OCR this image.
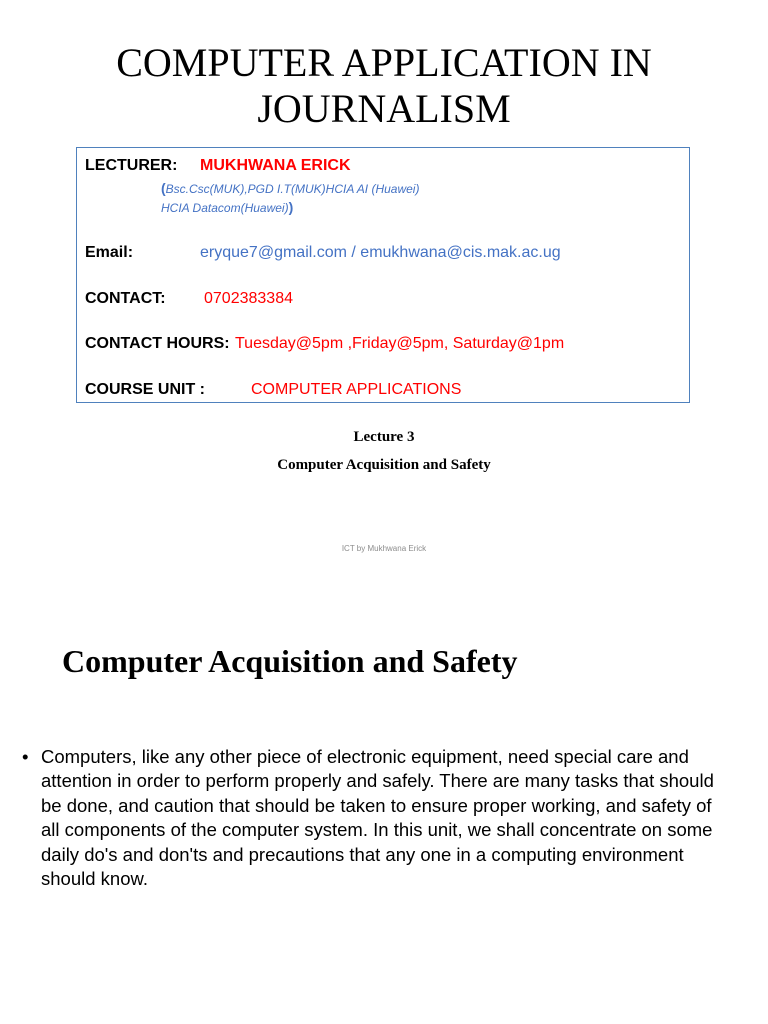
COMPUTER APPLICATION IN
JOURNALISM
LECTURER: MUKHWANA ERICK
(Bsc.Csc(MUK),PGD I.T(MUK)HCIA AI (Huawei)
HCIA Datacom(Huawei))
Email:	eryque7@gmail.com / emukhwana@cis.mak.ac.ug
CONTACT: 0702383384
CONTACT HOURS: Tuesday@5pm ,Friday@5pm, Saturday@1pm
COURSE UNIT :	COMPUTER APPLICATIONS
Lecture 3
Computer Acquisition and Safety
ICT by Mukhwana Erick
Computer Acquisition and Safety
• Computers, like any other piece of electronic equipment, need special care and attention in order to perform properly and safely. There are many tasks that should be done, and caution that should be taken to ensure proper working, and safety of all components of the computer system. In this unit, we shall concentrate on some daily do's and don'ts and precautions that any one in a computing environment should know.
